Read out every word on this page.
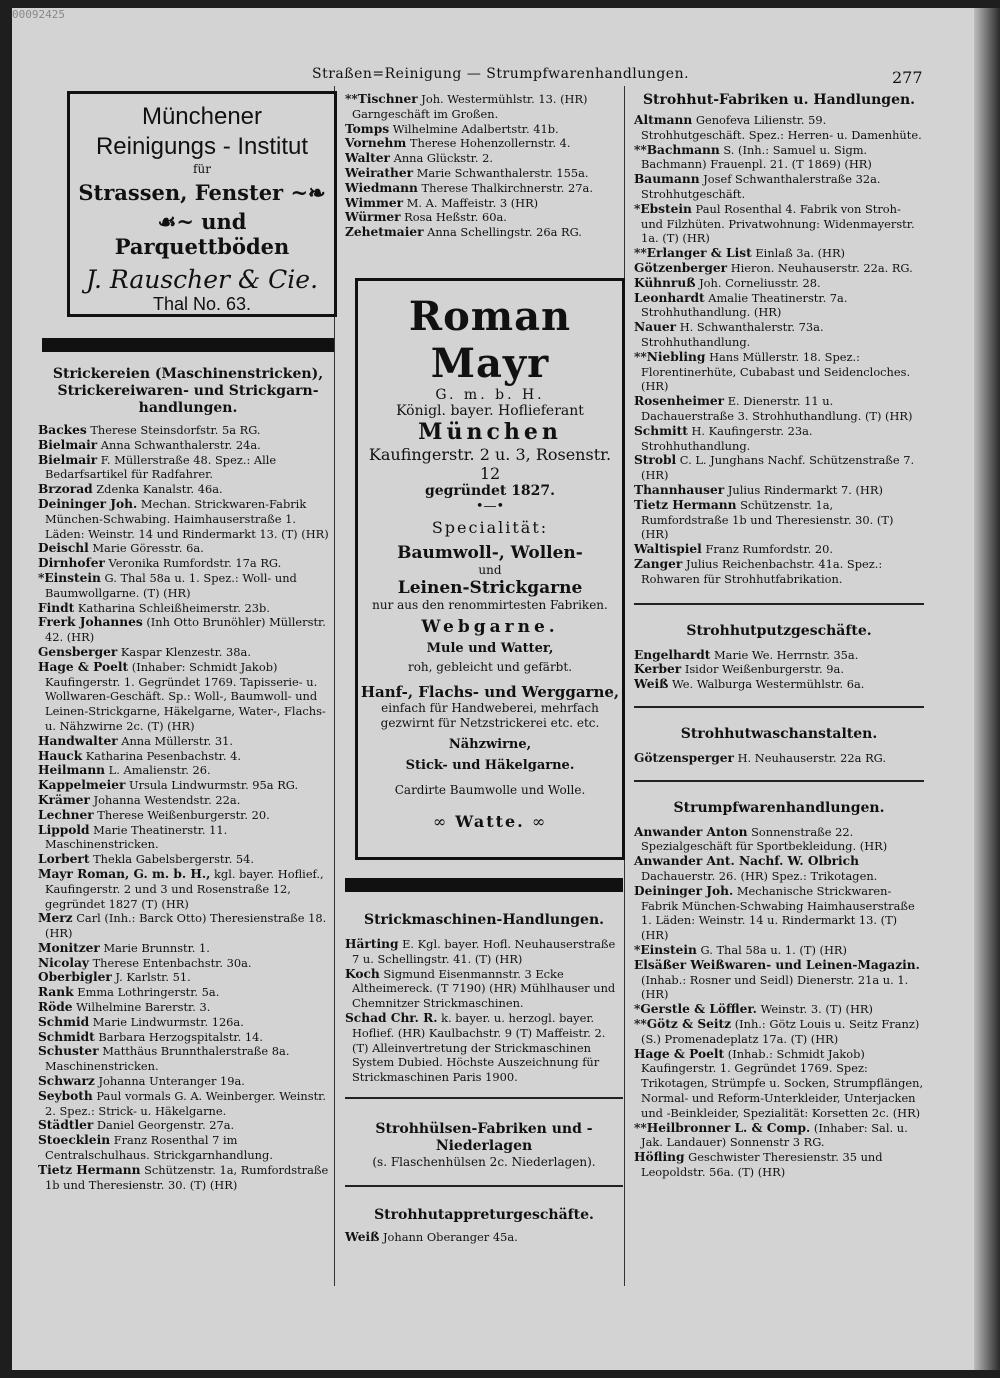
00092425
Straßen=Reinigung — Strumpfwarenhandlungen.	277
Münchener
Reinigungs - Institut
für
Strassen, Fenster ~❧
☙~ und Parquettböden
J. Rauscher & Cie.
Thal No. 63.
Strickereien (Maschinenstricken), Strickereiwaren- und Strickgarn-handlungen.
Backes Therese Steinsdorfstr. 5a RG.
Bielmair Anna Schwanthalerstr. 24a.
Bielmair F. Müllerstraße 48. Spez.: Alle Bedarfsartikel für Radfahrer.
Brzorad Zdenka Kanalstr. 46a.
Deininger Joh. Mechan. Strickwaren-Fabrik München-Schwabing. Haimhauserstraße 1. Läden: Weinstr. 14 und Rindermarkt 13. (T) (HR)
Deischl Marie Göresstr. 6a.
Dirnhofer Veronika Rumfordstr. 17a RG.
*Einstein G. Thal 58a u. 1. Spez.: Woll- und Baumwollgarne. (T) (HR)
Findt Katharina Schleißheimerstr. 23b.
Frerk Johannes (Inh Otto Brunöhler) Müllerstr. 42. (HR)
Gensberger Kaspar Klenzestr. 38a.
Hage & Poelt (Inhaber: Schmidt Jakob) Kaufingerstr. 1. Gegründet 1769. Tapisserie- u. Wollwaren-Geschäft. Sp.: Woll-, Baumwoll- und Leinen-Strickgarne, Häkelgarne, Water-, Flachs- u. Nähzwirne 2c. (T) (HR)
Handwalter Anna Müllerstr. 31.
Hauck Katharina Pesenbachstr. 4.
Heilmann L. Amalienstr. 26.
Kappelmeier Ursula Lindwurmstr. 95a RG.
Krämer Johanna Westendstr. 22a.
Lechner Therese Weißenburgerstr. 20.
Lippold Marie Theatinerstr. 11. Maschinenstricken.
Lorbert Thekla Gabelsbergerstr. 54.
Mayr Roman, G. m. b. H., kgl. bayer. Hoflief., Kaufingerstr. 2 und 3 und Rosenstraße 12, gegründet 1827 (T) (HR)
Merz Carl (Inh.: Barck Otto) Theresienstraße 18. (HR)
Monitzer Marie Brunnstr. 1.
Nicolay Therese Entenbachstr. 30a.
Oberbigler J. Karlstr. 51.
Rank Emma Lothringerstr. 5a.
Röde Wilhelmine Barerstr. 3.
Schmid Marie Lindwurmstr. 126a.
Schmidt Barbara Herzogspitalstr. 14.
Schuster Matthäus Brunnthalerstraße 8a. Maschinenstricken.
Schwarz Johanna Unteranger 19a.
Seyboth Paul vormals G. A. Weinberger. Weinstr. 2. Spez.: Strick- u. Häkelgarne.
Städtler Daniel Georgenstr. 27a.
Stoecklein Franz Rosenthal 7 im Centralschulhaus. Strickgarnhandlung.
Tietz Hermann Schützenstr. 1a, Rumfordstraße 1b und Theresienstr. 30. (T) (HR)
**Tischner Joh. Westermühlstr. 13. (HR) Garngeschäft im Großen.
Tomps Wilhelmine Adalbertstr. 41b.
Vornehm Therese Hohenzollernstr. 4.
Walter Anna Glückstr. 2.
Weirather Marie Schwanthalerstr. 155a.
Wiedmann Therese Thalkirchnerstr. 27a.
Wimmer M. A. Maffeistr. 3 (HR)
Würmer Rosa Heßstr. 60a.
Zehetmaier Anna Schellingstr. 26a RG.
Roman Mayr
G. m. b. H.
Königl. bayer. Hoflieferant
München
Kaufingerstr. 2 u. 3, Rosenstr. 12
gegründet 1827.
•—•
Specialität:
Baumwoll-, Wollen-
und
Leinen-Strickgarne
nur aus den renommirtesten Fabriken.
Webgarne.
Mule und Watter,
roh, gebleicht und gefärbt.
Hanf-, Flachs- und Werggarne,
einfach für Handweberei, mehrfach gezwirnt für Netzstrickerei etc. etc.
Nähzwirne,
Stick- und Häkelgarne.
Cardirte Baumwolle und Wolle.
∞ Watte. ∞
Strickmaschinen-Handlungen.
Härting E. Kgl. bayer. Hofl. Neuhauserstraße 7 u. Schellingstr. 41. (T) (HR)
Koch Sigmund Eisenmannstr. 3 Ecke Altheimereck. (T 7190) (HR) Mühlhauser und Chemnitzer Strickmaschinen.
Schad Chr. R. k. bayer. u. herzogl. bayer. Hoflief. (HR) Kaulbachstr. 9 (T) Maffeistr. 2. (T) Alleinvertretung der Strickmaschinen System Dubied. Höchste Auszeichnung für Strickmaschinen Paris 1900.
Strohhülsen-Fabriken und -Niederlagen
(s. Flaschenhülsen 2c. Niederlagen).
Strohhutappreturgeschäfte.
Weiß Johann Oberanger 45a.
Strohhut-Fabriken u. Handlungen.
Altmann Genofeva Lilienstr. 59. Strohhutgeschäft. Spez.: Herren- u. Damenhüte.
**Bachmann S. (Inh.: Samuel u. Sigm. Bachmann) Frauenpl. 21. (T 1869) (HR)
Baumann Josef Schwanthalerstraße 32a. Strohhutgeschäft.
*Ebstein Paul Rosenthal 4. Fabrik von Stroh- und Filzhüten. Privatwohnung: Widenmayerstr. 1a. (T) (HR)
**Erlanger & List Einlaß 3a. (HR)
Götzenberger Hieron. Neuhauserstr. 22a. RG.
Kühnruß Joh. Corneliusstr. 28.
Leonhardt Amalie Theatinerstr. 7a. Strohhuthandlung. (HR)
Nauer H. Schwanthalerstr. 73a. Strohhuthandlung.
**Niebling Hans Müllerstr. 18. Spez.: Florentinerhüte, Cubabast und Seidencloches. (HR)
Rosenheimer E. Dienerstr. 11 u. Dachauerstraße 3. Strohhuthandlung. (T) (HR)
Schmitt H. Kaufingerstr. 23a. Strohhuthandlung.
Strobl C. L. Junghans Nachf. Schützenstraße 7. (HR)
Thannhauser Julius Rindermarkt 7. (HR)
Tietz Hermann Schützenstr. 1a, Rumfordstraße 1b und Theresienstr. 30. (T) (HR)
Waltispiel Franz Rumfordstr. 20.
Zanger Julius Reichenbachstr. 41a. Spez.: Rohwaren für Strohhutfabrikation.
Strohhutputzgeschäfte.
Engelhardt Marie We. Herrnstr. 35a.
Kerber Isidor Weißenburgerstr. 9a.
Weiß We. Walburga Westermühlstr. 6a.
Strohhutwaschanstalten.
Götzensperger H. Neuhauserstr. 22a RG.
Strumpfwarenhandlungen.
Anwander Anton Sonnenstraße 22. Spezialgeschäft für Sportbekleidung. (HR)
Anwander Ant. Nachf. W. Olbrich Dachauerstr. 26. (HR) Spez.: Trikotagen.
Deininger Joh. Mechanische Strickwaren-Fabrik München-Schwabing Haimhauserstraße 1. Läden: Weinstr. 14 u. Rindermarkt 13. (T) (HR)
*Einstein G. Thal 58a u. 1. (T) (HR)
Elsäßer Weißwaren- und Leinen-Magazin. (Inhab.: Rosner und Seidl) Dienerstr. 21a u. 1. (HR)
*Gerstle & Löffler. Weinstr. 3. (T) (HR)
**Götz & Seitz (Inh.: Götz Louis u. Seitz Franz) (S.) Promenadeplatz 17a. (T) (HR)
Hage & Poelt (Inhab.: Schmidt Jakob) Kaufingerstr. 1. Gegründet 1769. Spez: Trikotagen, Strümpfe u. Socken, Strumpflängen, Normal- und Reform-Unterkleider, Unterjacken und -Beinkleider, Spezialität: Korsetten 2c. (HR)
**Heilbronner L. & Comp. (Inhaber: Sal. u. Jak. Landauer) Sonnenstr 3 RG.
Höfling Geschwister Theresienstr. 35 und Leopoldstr. 56a. (T) (HR)
